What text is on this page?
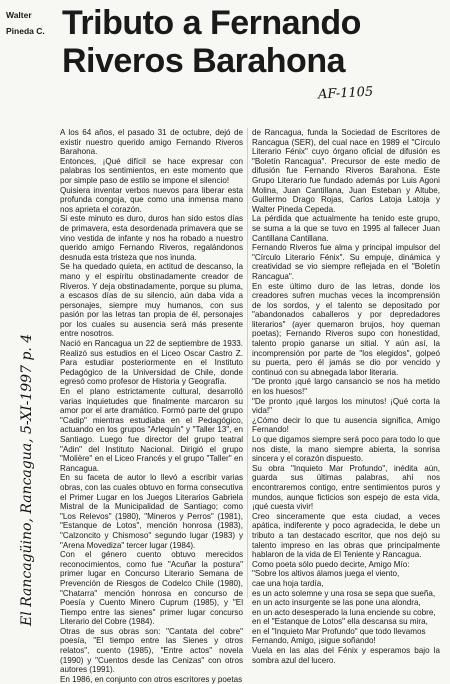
Walter
Pineda C. Tributo a Fernando Riveros Barahona
AF-1105
El Rancagüino, Rancagua, 5-XI-1997 p. 4

A los 64 años, el pasado 31 de octubre, dejó de existir nuestro querido amigo Fernando Riveros Barahona.

Entonces, ¡Qué difícil se hace expresar con palabras los sentimientos, en este momento que por simple paso de estilo se impone el silencio!

Quisiera inventar verbos nuevos para liberar esta profunda congoja, que como una inmensa mano nos aprieta el corazón.

Si este minuto es duro, duros han sido estos días de primavera, esta desordenada primavera que se vino vestida de infante y nos ha robado a nuestro querido amigo Fernando Riveros, regalándonos desnuda esta tristeza que nos inunda.

Se ha quedado quieta, en actitud de descanso, la mano y el espíritu obstinadamente creador de Riveros. Y deja obstinadamente, porque su pluma, a escasos días de su silencio, aún daba vida a personajes, siempre muy humanos, con sus pasión por las letras tan propia de él, personajes por los cuales su ausencia será más presente entre nosotros.

Nació en Rancagua un 22 de septiembre de 1933. Realizó sus estudios en el Liceo Oscar Castro Z. Para estudiar posteriormente en el Instituto Pedagógico de la Universidad de Chile, donde egresó como profesor de Historia y Geografía.

En el plano estrictamente cultural, desarrolló varias inquietudes que finalmente marcaron su amor por el arte dramático. Formó parte del grupo "Cadip" mientras estudiaba en el Pedagógico, actuando en los grupos "Arlequín" y "Taller 13", en Santiago. Luego fue director del grupo teatral "Adin" del Instituto Nacional. Dirigió el grupo "Molière" en el Liceo Francés y el grupo "Taller" en Rancagua.

En su faceta de autor lo llevó a escribir varias obras, con las cuales obtuvo en forma consecutiva el Primer Lugar en los Juegos Literarios Gabriela Mistral de la Municipalidad de Santiago; como "Los Relevos" (1980), "Mineros y Perros" (1981), "Estanque de Lotos", mención honrosa (1983), "Calzoncito y Chismoso" segundo lugar (1983) y "Arena Movediza" tercer lugar (1984).

Con el género cuento obtuvo merecidos reconocimientos, como fue "Acuñar la postura" primer lugar en Concurso Literario Semana de Prevención de Riesgos de Codelco Chile (1980), "Chatarra" mención honrosa en concurso de Poesía y Cuento Minero Cuprum (1985), y "El Tiempo entre las sienes" primer lugar concurso Literario del Cobre (1984).

Otras de sus obras son: "Cantata del cobre" poesía, "El tiempo entre las Sienes y otros relatos", cuento (1985), "Entre actos" novela (1990) y "Cuentos desde las Cenizas" con otros autores (1991).

En 1986, en conjunto con otros escritores y poetas

de Rancagua, funda la Sociedad de Escritores de Rancagua (SER), del cual nace en 1989 el "Círculo Literario Fénix" cuyo órgano oficial de difusión es "Boletín Rancagua". Precursor de este medio de difusión fue Fernando Riveros Barahona. Este Grupo Literario fue fundado además por Luis Agoni Molina, Juan Cantillana, Juan Esteban y Altube, Guillermo Drago Rojas, Carlos Latoja Latoja y Walter Pineda Cepeda.

La pérdida que actualmente ha tenido este grupo, se suma a la que se tuvo en 1995 al fallecer Juan Cantillana Cantillana.

Fernando Riveros fue alma y principal impulsor del "Círculo Literario Fénix". Su empuje, dinámica y creatividad se vio siempre reflejada en el "Boletín Rancagua".

En este último duro de las letras, donde los creadores sufren muchas veces la incomprensión de los sordos, y el talento se depositado por "abandonados caballeros y por depredadores literarios" (ayer quemaron brujos, hoy queman poetas); Fernando Riveros supo con honestidad, talento propio ganarse un sitial. Y aún así, la incomprensión por parte de "los elegidos", golpeó su puerta, pero él jamás se dio por vencido y continuó con su abnegada labor literaria.

"De pronto ¡qué largo cansancio se nos ha metido en los huesos!"

"De pronto ¡qué largos los minutos! ¡Qué corta la vida!"

¿Cómo decir lo que tu ausencia significa, Amigo Fernando!

Lo que digamos siempre será poco para todo lo que nos diste, la mano siempre abierta, la sonrisa sincera y el corazón dispuesto.

Su obra "Inquieto Mar Profundo", inédita aún, guarda sus últimas palabras, ahí nos encontraremos contigo, entre sentimientos puros y mundos, aunque ficticios son espejo de esta vida, ¡qué cuesta vivir!

Creo sinceramente que esta ciudad, a veces apática, indiferente y poco agradecida, le debe un tributo a tan destacado escritor, que nos dejó su talento impreso en las obras que principalmente hablaron de la vida de El Teniente y Rancagua.

Como poeta sólo puedo decirte, Amigo Mío:

"Sobre los altivos álamos juega el viento,

cae una hoja tardía,

es un acto solemne y una rosa se sepa que sueña,

en un acto insurgente se las pone una alondra,

en un acto desesperado la luna enciende su cobre,

en el "Estanque de Lotos" ella descansa su mira,

en el "Inquieto Mar Profundo" que todo llevamos

Fernando, Amigo, ¡sigue soñando!

Vuela en las alas del Fénix y esperamos bajo la sombra azul del lucero.
